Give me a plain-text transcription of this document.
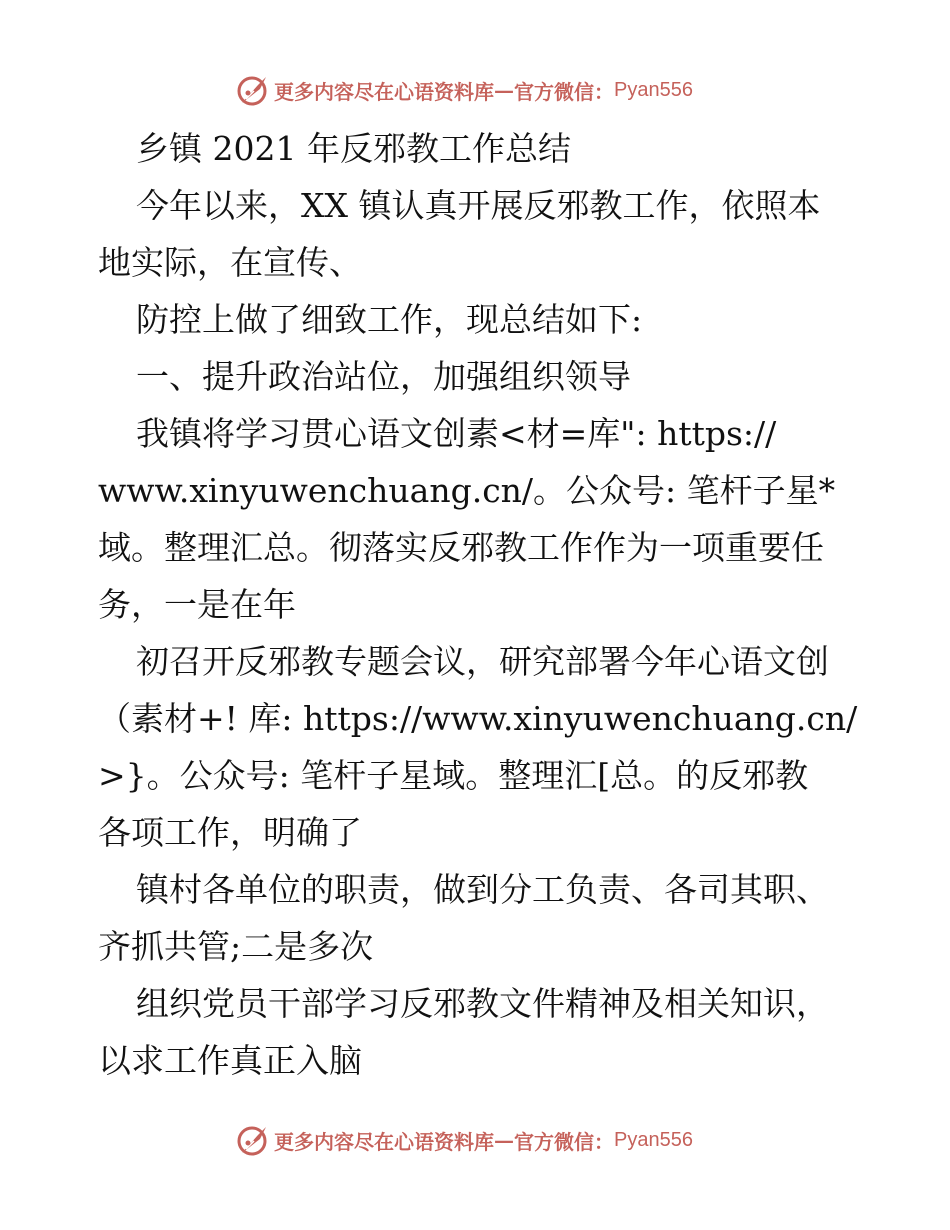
更多内容尽在心语资料库 — 官方微信： Pyan556
乡镇 2021 年反邪教工作总结
今年以来，XX 镇认真开展反邪教工作，依照本
地实际，在宣传、
防控上做了细致工作，现总结如下:
一、提升政治站位，加强组织领导
我镇将学习贯心语文创素<材=库": https://
www.xinyuwenchuang.cn/。公众号: 笔杆子星*
域。整理汇总。彻落实反邪教工作作为一项重要任
务，一是在年
初召开反邪教专题会议，研究部署今年心语文创
（素材+! 库: https://www.xinyuwenchuang.cn/
>}。公众号: 笔杆子星域。整理汇[总。的反邪教
各项工作，明确了
镇村各单位的职责，做到分工负责、各司其职、
齐抓共管;二是多次
组织党员干部学习反邪教文件精神及相关知识，
以求工作真正入脑
更多内容尽在心语资料库 — 官方微信： Pyan556
